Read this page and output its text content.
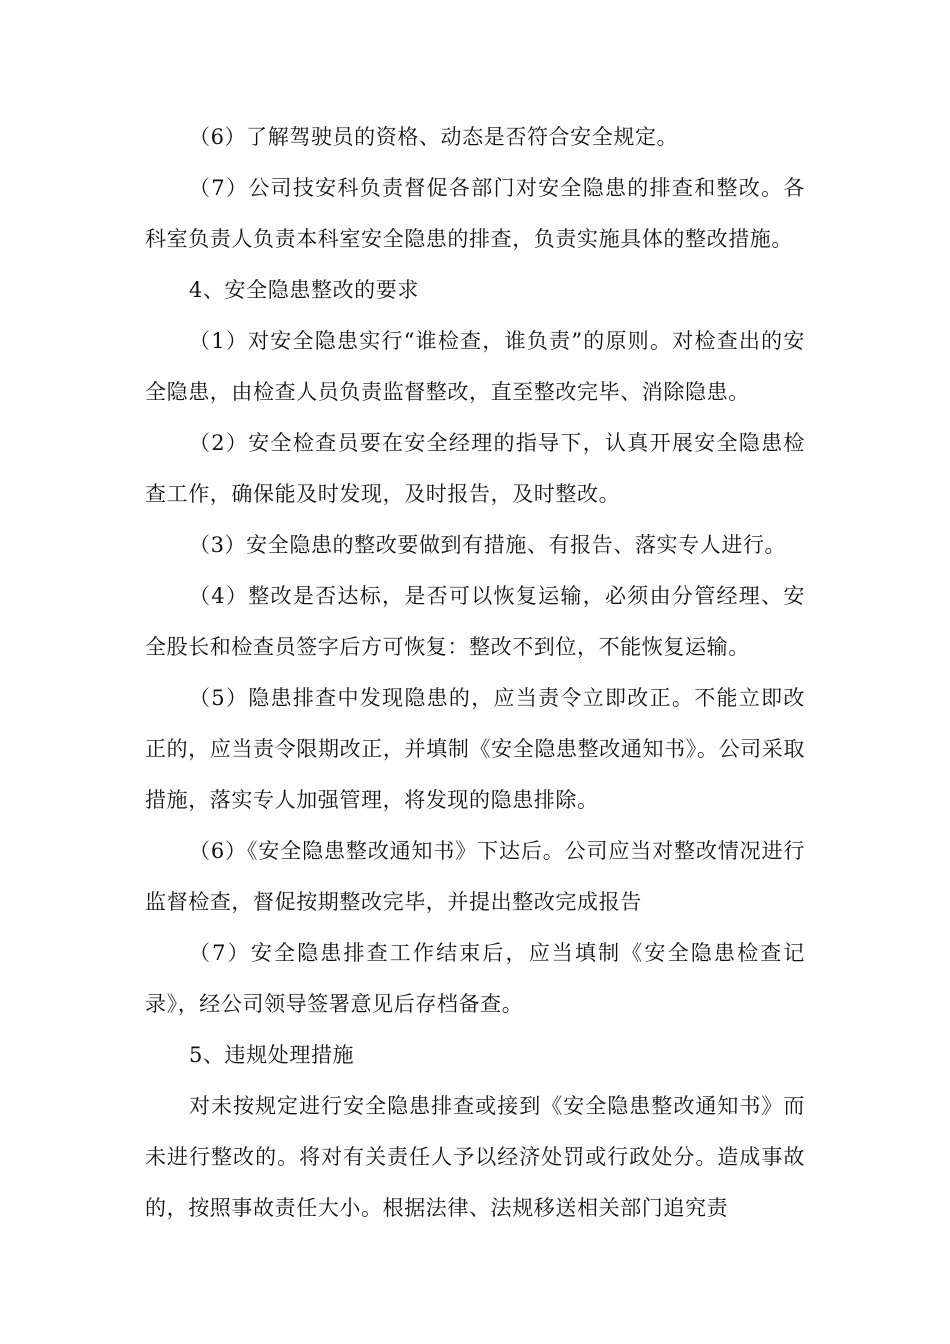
（6）了解驾驶员的资格、动态是否符合安全规定。

（7）公司技安科负责督促各部门对安全隐患的排查和整改。各科室负责人负责本科室安全隐患的排查，负责实施具体的整改措施。

4、安全隐患整改的要求

（1）对安全隐患实行“谁检查，谁负责”的原则。对检查出的安全隐患，由检查人员负责监督整改，直至整改完毕、消除隐患。

（2）安全检查员要在安全经理的指导下，认真开展安全隐患检查工作，确保能及时发现，及时报告，及时整改。

（3）安全隐患的整改要做到有措施、有报告、落实专人进行。

（4）整改是否达标，是否可以恢复运输，必须由分管经理、安全股长和检查员签字后方可恢复：整改不到位，不能恢复运输。

（5）隐患排查中发现隐患的，应当责令立即改正。不能立即改正的，应当责令限期改正，并填制《安全隐患整改通知书》。公司采取措施，落实专人加强管理，将发现的隐患排除。

（6）《安全隐患整改通知书》下达后。公司应当对整改情况进行监督检查，督促按期整改完毕，并提出整改完成报告

（7）安全隐患排查工作结束后，应当填制《安全隐患检查记录》，经公司领导签署意见后存档备查。

5、违规处理措施

对未按规定进行安全隐患排查或接到《安全隐患整改通知书》而未进行整改的。将对有关责任人予以经济处罚或行政处分。造成事故的，按照事故责任大小。根据法律、法规移送相关部门追究责
